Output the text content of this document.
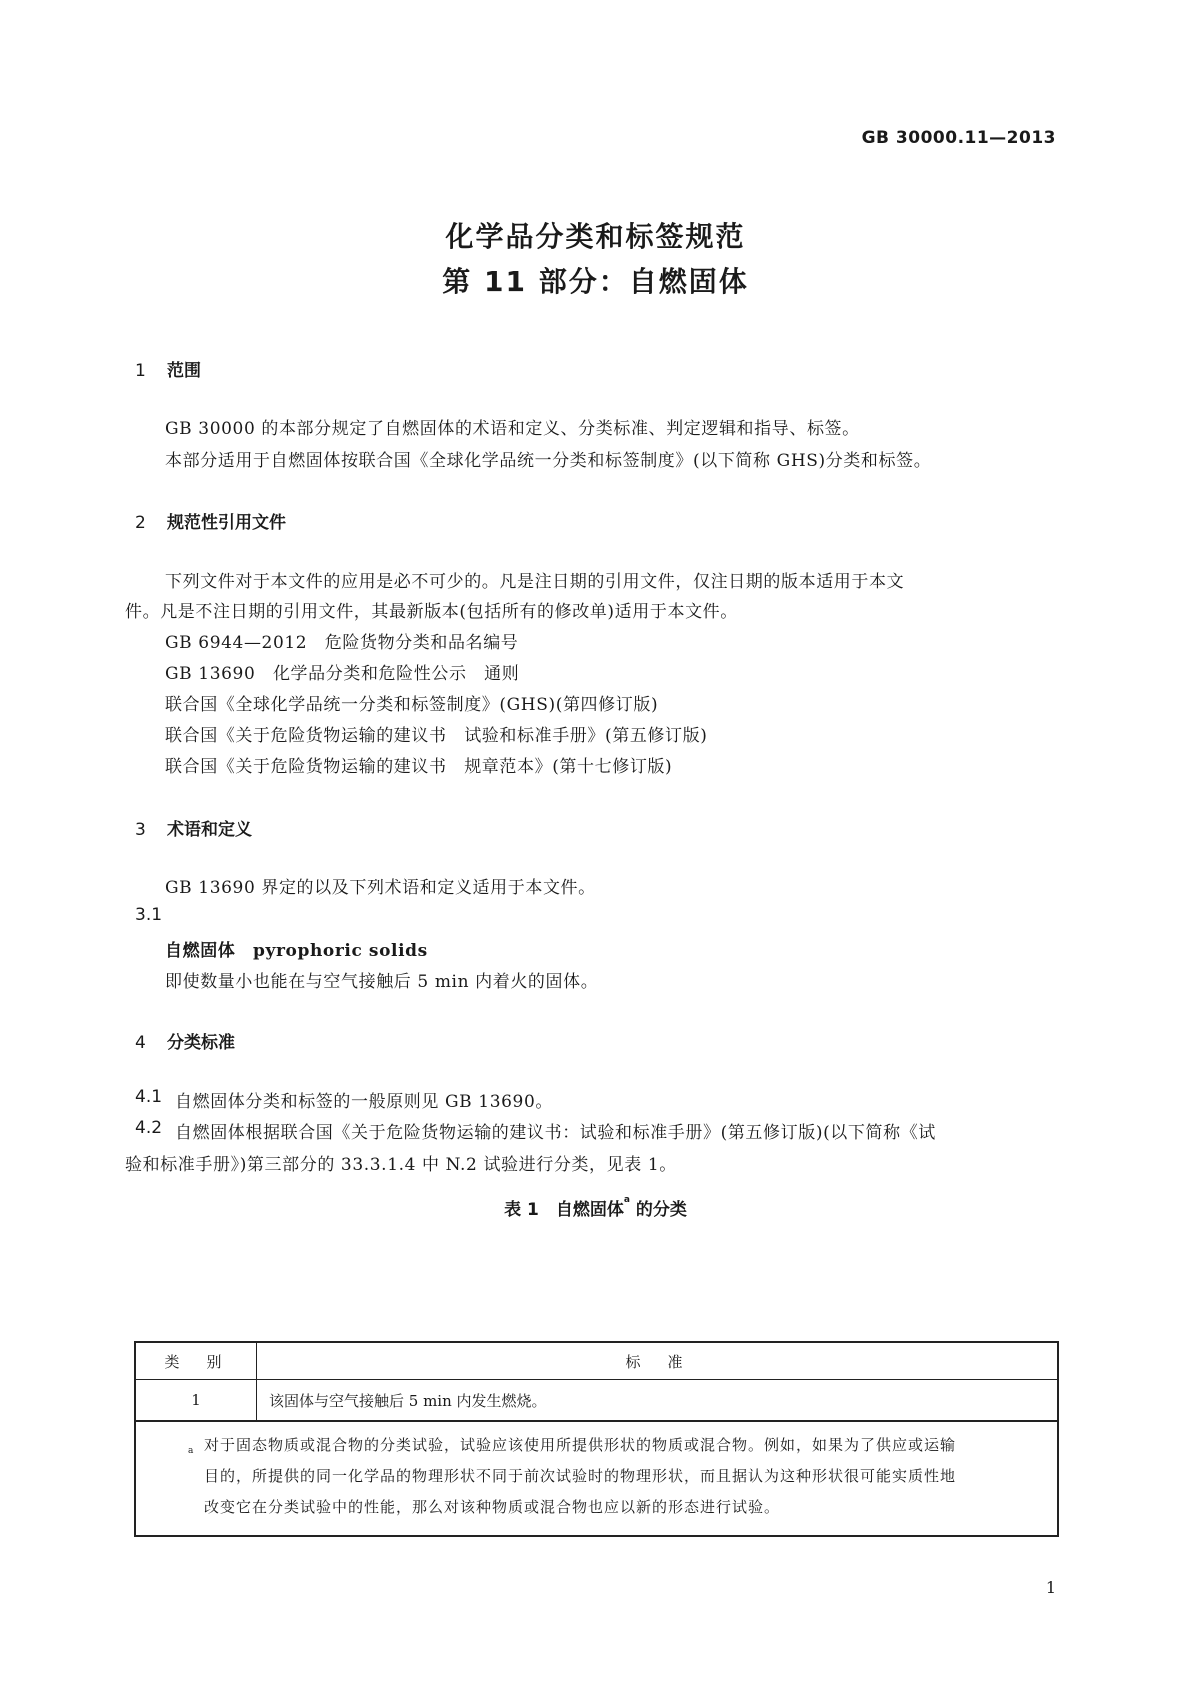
GB 30000.11—2013
化学品分类和标签规范
第 11 部分：自燃固体
1 范围
GB 30000 的本部分规定了自燃固体的术语和定义、分类标准、判定逻辑和指导、标签。
本部分适用于自燃固体按联合国《全球化学品统一分类和标签制度》(以下简称 GHS)分类和标签。
2 规范性引用文件
下列文件对于本文件的应用是必不可少的。凡是注日期的引用文件，仅注日期的版本适用于本文
件。凡是不注日期的引用文件，其最新版本(包括所有的修改单)适用于本文件。
GB 6944—2012　危险货物分类和品名编号
GB 13690　化学品分类和危险性公示　通则
联合国《全球化学品统一分类和标签制度》(GHS)(第四修订版)
联合国《关于危险货物运输的建议书　试验和标准手册》(第五修订版)
联合国《关于危险货物运输的建议书　规章范本》(第十七修订版)
3 术语和定义
GB 13690 界定的以及下列术语和定义适用于本文件。
3.1
自燃固体　pyrophoric solids
即使数量小也能在与空气接触后 5 min 内着火的固体。
4 分类标准
4.1 自燃固体分类和标签的一般原则见 GB 13690。
4.2 自燃固体根据联合国《关于危险货物运输的建议书：试验和标准手册》(第五修订版)(以下简称《试
验和标准手册》)第三部分的 33.3.1.4 中 N.2 试验进行分类，见表 1。
表 1　自燃固体$^a$ 的分类
类　别	标　准
1	该固体与空气接触后 5 min 内发生燃烧。

a 对于固态物质或混合物的分类试验，试验应该使用所提供形状的物质或混合物。例如，如果为了供应或运输
目的，所提供的同一化学品的物理形状不同于前次试验时的物理形状，而且据认为这种形状很可能实质性地
改变它在分类试验中的性能，那么对该种物质或混合物也应以新的形态进行试验。	
1
